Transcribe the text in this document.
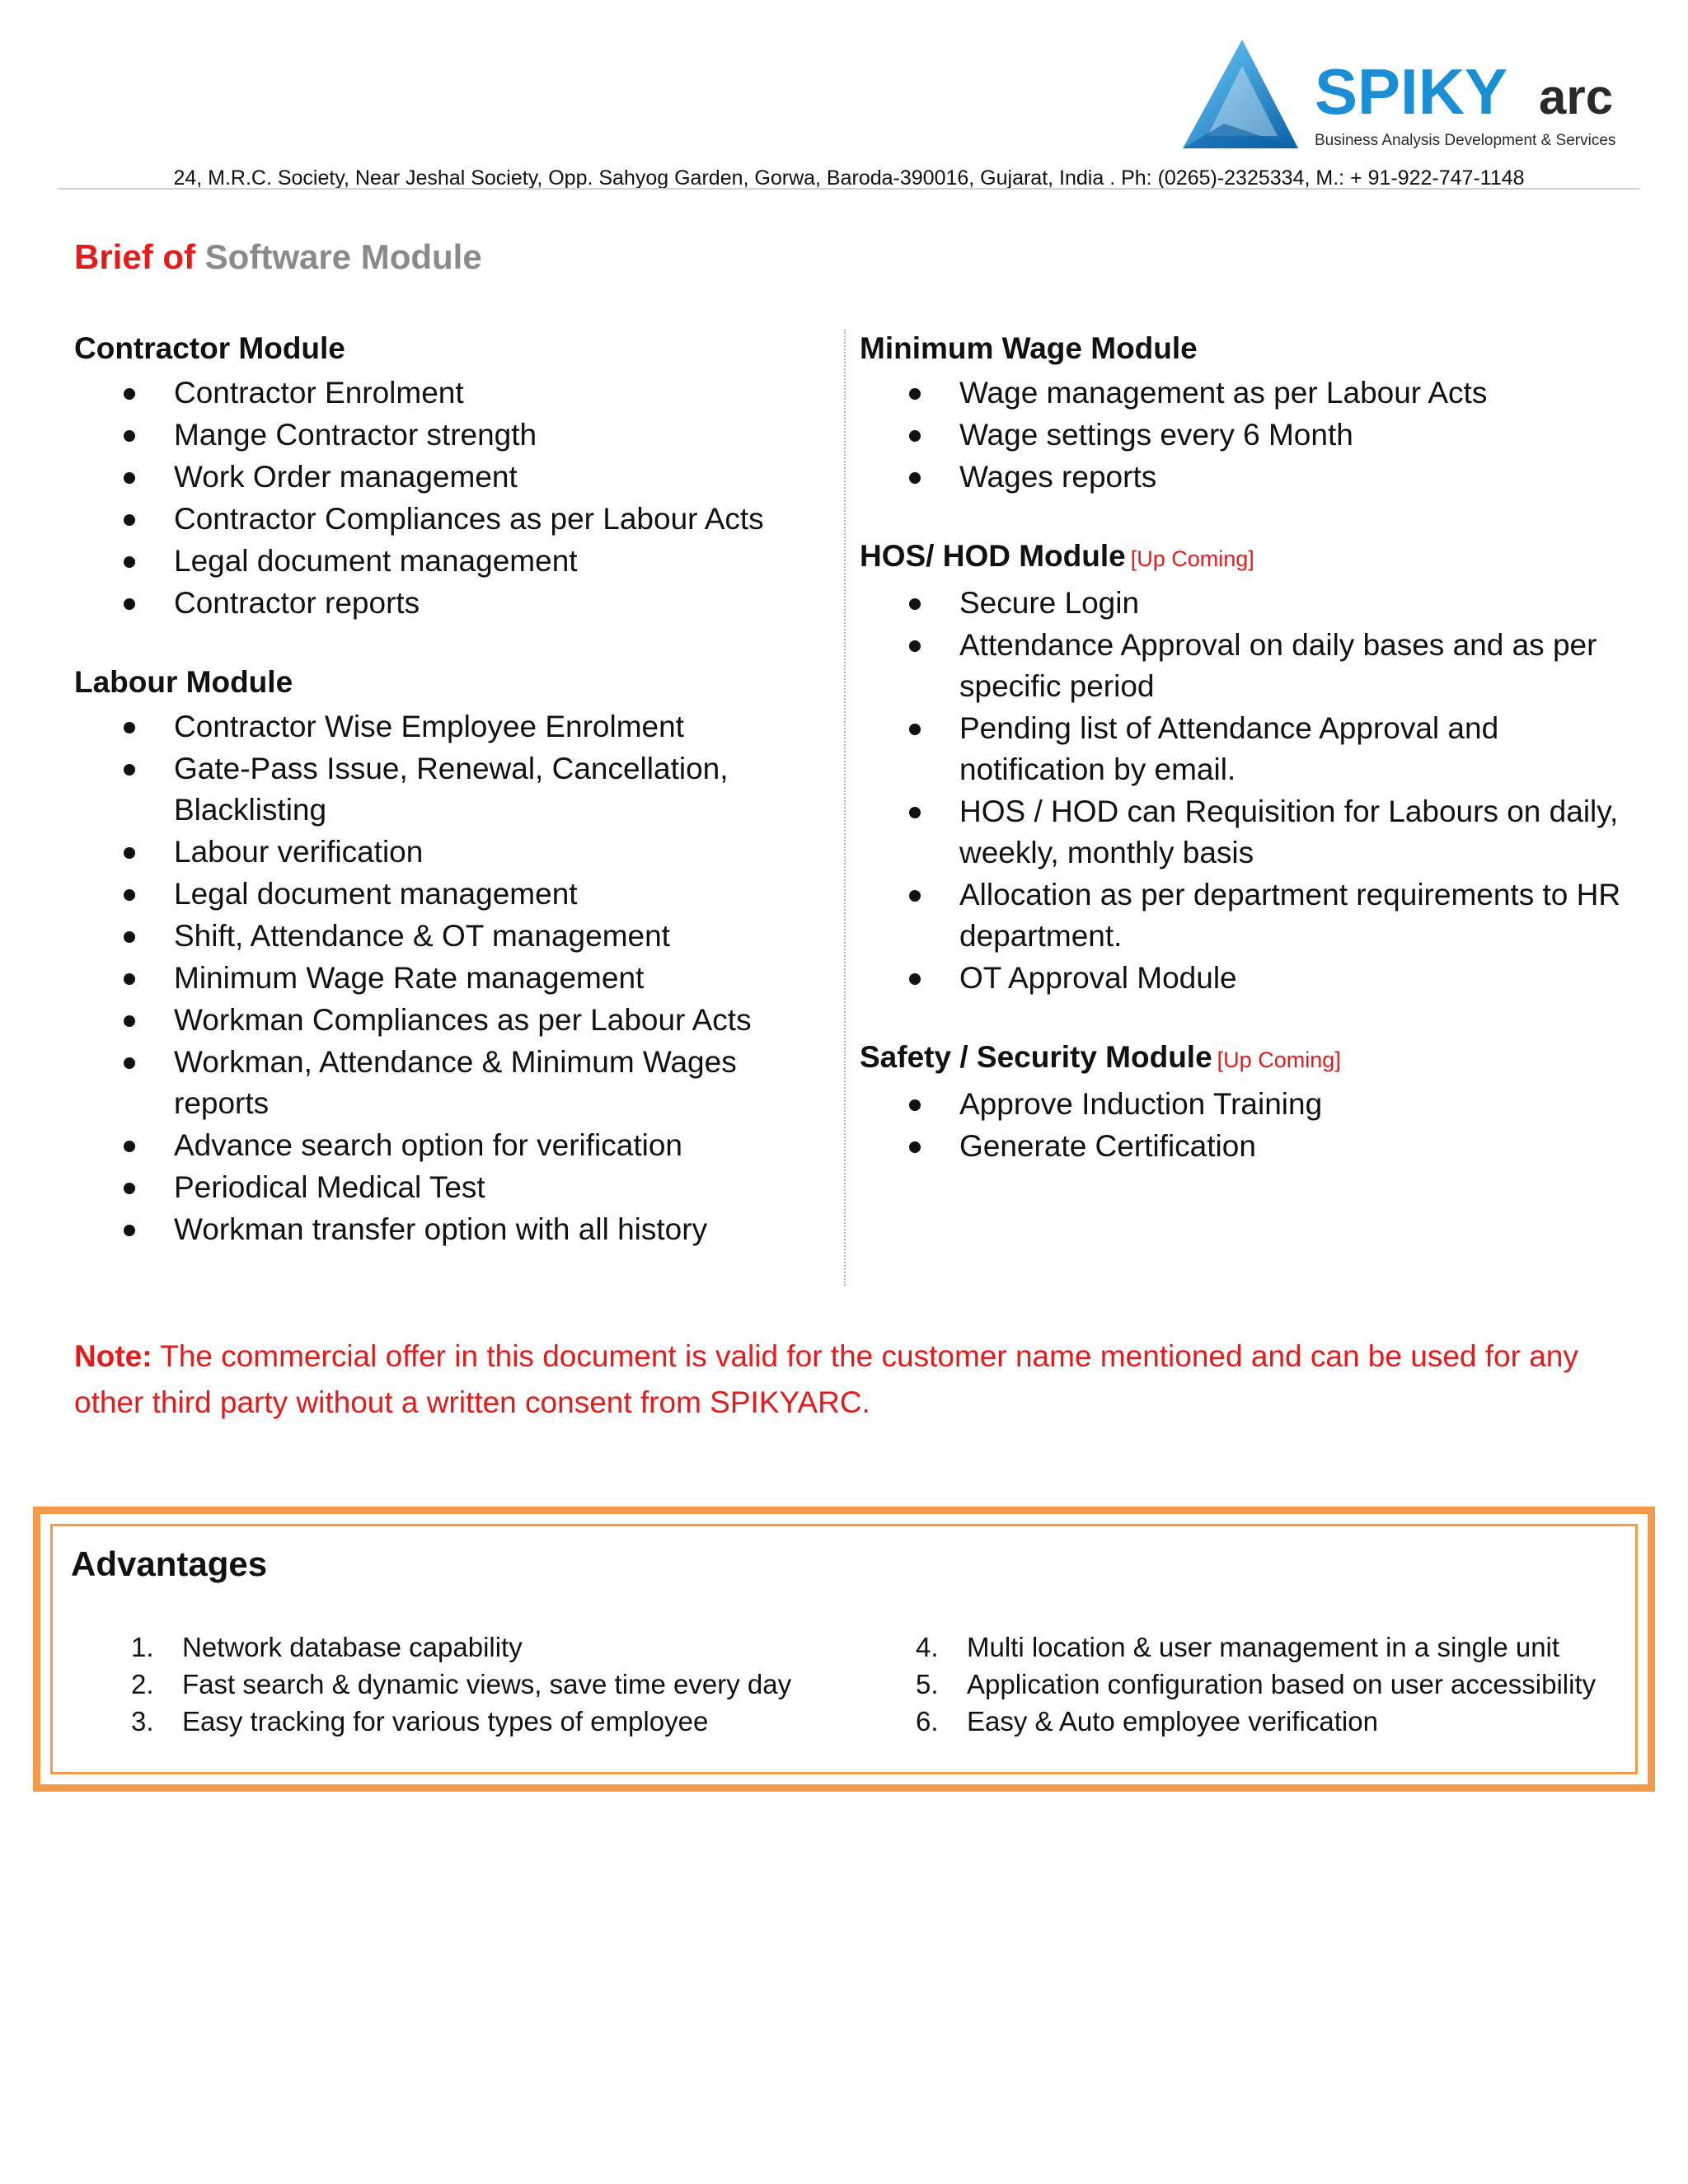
SPIKY arc
Business Analysis Development & Services
24, M.R.C. Society, Near Jeshal Society, Opp. Sahyog Garden, Gorwa, Baroda-390016, Gujarat, India . Ph: (0265)-2325334, M.: + 91-922-747-1148
Brief of Software Module
Contractor Module
Contractor Enrolment
Mange Contractor strength
Work Order management
Contractor Compliances as per Labour Acts
Legal document management
Contractor reports
Labour Module
Contractor Wise Employee Enrolment
Gate-Pass Issue, Renewal, Cancellation, Blacklisting
Labour verification
Legal document management
Shift, Attendance & OT management
Minimum Wage Rate management
Workman Compliances as per Labour Acts
Workman, Attendance & Minimum Wages reports
Advance search option for verification
Periodical Medical Test
Workman transfer option with all history
Minimum Wage Module
Wage management as per Labour Acts
Wage settings every 6 Month
Wages reports
HOS/ HOD Module [Up Coming]
Secure Login
Attendance Approval on daily bases and as per specific period
Pending list of Attendance Approval and notification by email.
HOS / HOD can Requisition for Labours on daily, weekly, monthly basis
Allocation as per department requirements to HR department.
OT Approval Module
Safety / Security Module [Up Coming]
Approve Induction Training
Generate Certification

Note: The commercial offer in this document is valid for the customer name mentioned and can be used for any other third party without a written consent from SPIKYARC.

Advantages
1. Network database capability
2. Fast search & dynamic views, save time every day
3. Easy tracking for various types of employee
4. Multi location & user management in a single unit
5. Application configuration based on user accessibility
6. Easy & Auto employee verification
